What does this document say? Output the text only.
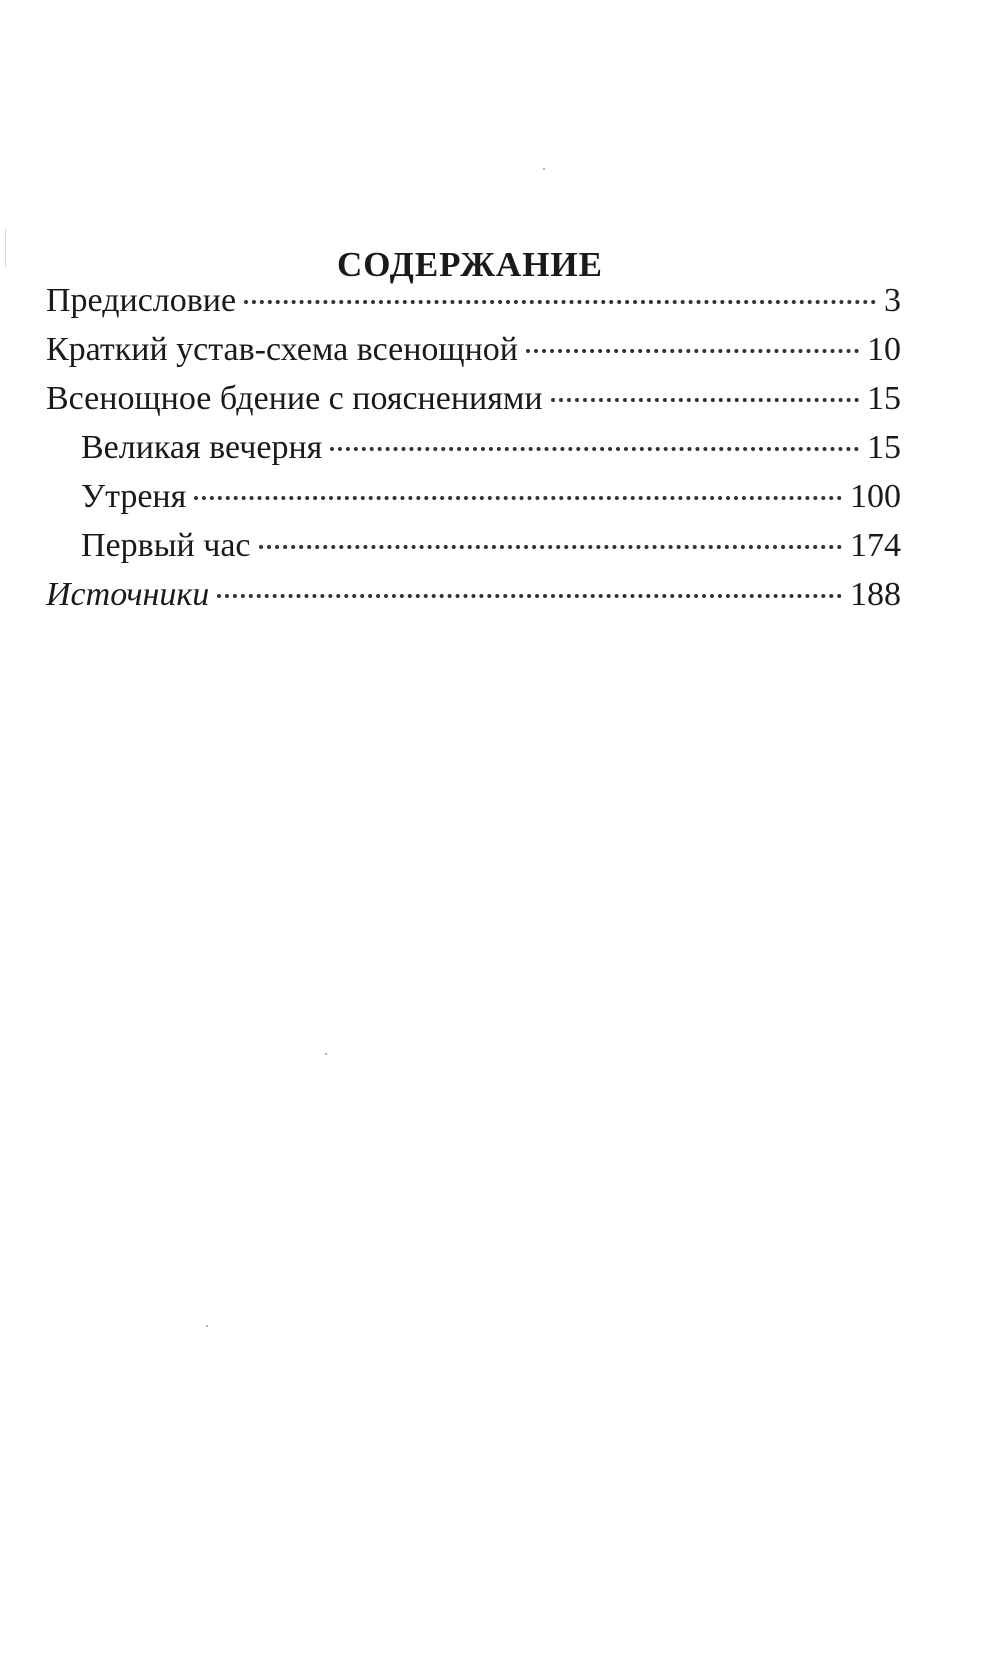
СОДЕРЖАНИЕ
Предисловие	3
Краткий устав-схема всенощной	10
Всенощное бдение с пояснениями	15
Великая вечерня	15
Утреня	100
Первый час	174
Источники	188
